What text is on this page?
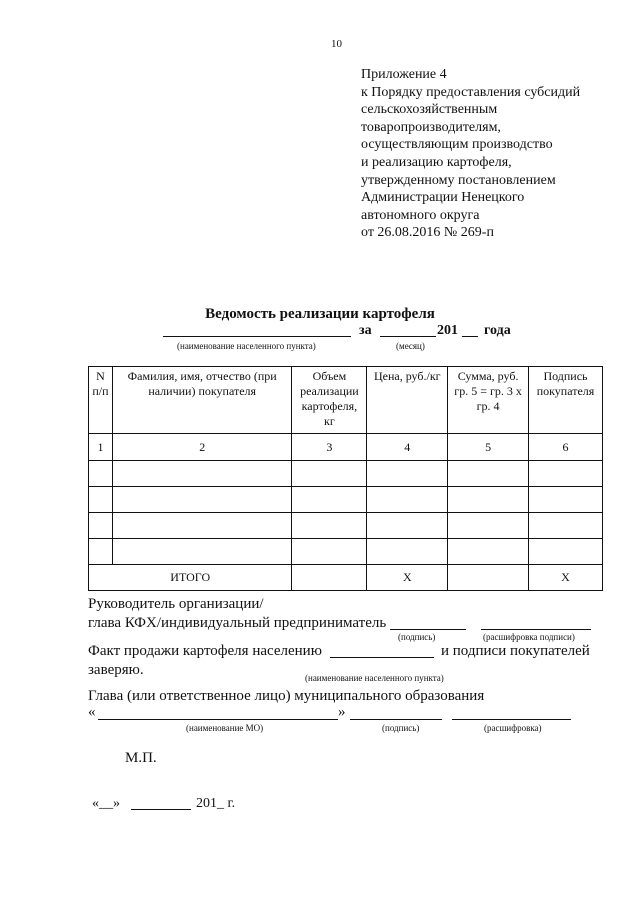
10
Приложение 4
к Порядку предоставления субсидий
сельскохозяйственным
товаропроизводителям,
осуществляющим производство
и реализацию картофеля,
утвержденному постановлением
Администрации Ненецкого
автономного округа
от 26.08.2016 № 269-п
Ведомость реализации картофеля
за	201 года
(наименование населенного пункта)	(месяц)
N п/п	Фамилия, имя, отчество (при наличии) покупателя	Объем реализации картофеля, кг	Цена, руб./кг	Сумма, руб. гр. 5 = гр. 3 х гр. 4	Подпись покупателя
1	2	3	4	5	6

ИТОГО			Х		Х
Руководитель организации/
глава КФХ/индивидуальный предприниматель
(подпись)	(расшифровка подписи)
Факт продажи картофеля населению	и подписи покупателей
заверяю.	(наименование населенного пункта)
Глава (или ответственное лицо) муниципального образования
«	»
(наименование МО)	(подпись)	(расшифровка)
М.П.
«__»	201_ г.
